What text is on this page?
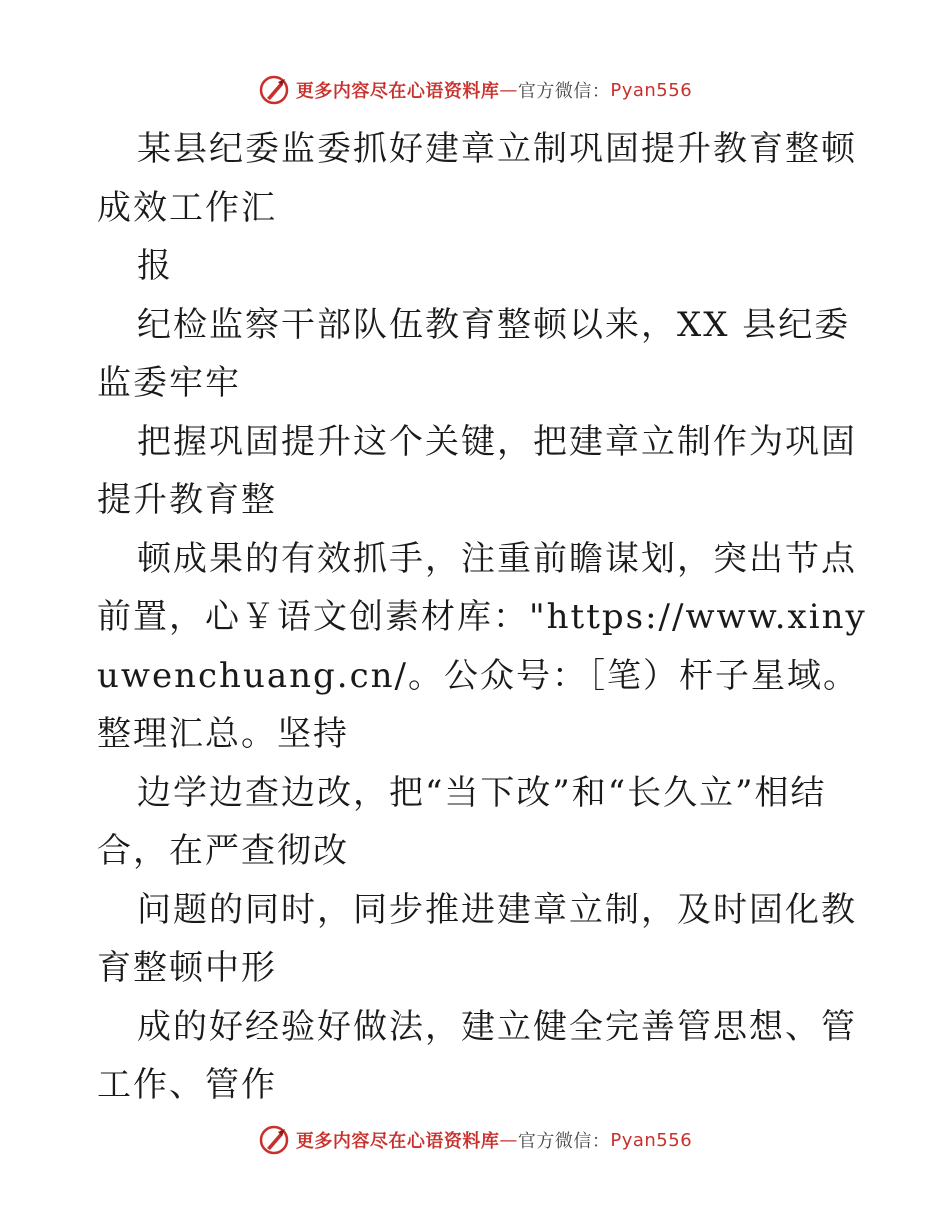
更多内容尽在心语资料库 — 官方微信： Pyan556

某县纪委监委抓好建章立制巩固提升教育整顿成效工作汇

报

纪检监察干部队伍教育整顿以来，XX 县纪委监委牢牢

把握巩固提升这个关键，把建章立制作为巩固提升教育整

顿成果的有效抓手，注重前瞻谋划，突出节点前置，心￥语文创素材库："https://www.xinyuwenchuang.cn/。公众号：［笔）杆子星域。整理汇总。坚持

边学边查边改，把“当下改”和“长久立”相结合，在严查彻改

问题的同时，同步推进建章立制，及时固化教育整顿中形

成的好经验好做法，建立健全完善管思想、管工作、管作

更多内容尽在心语资料库 — 官方微信： Pyan556
